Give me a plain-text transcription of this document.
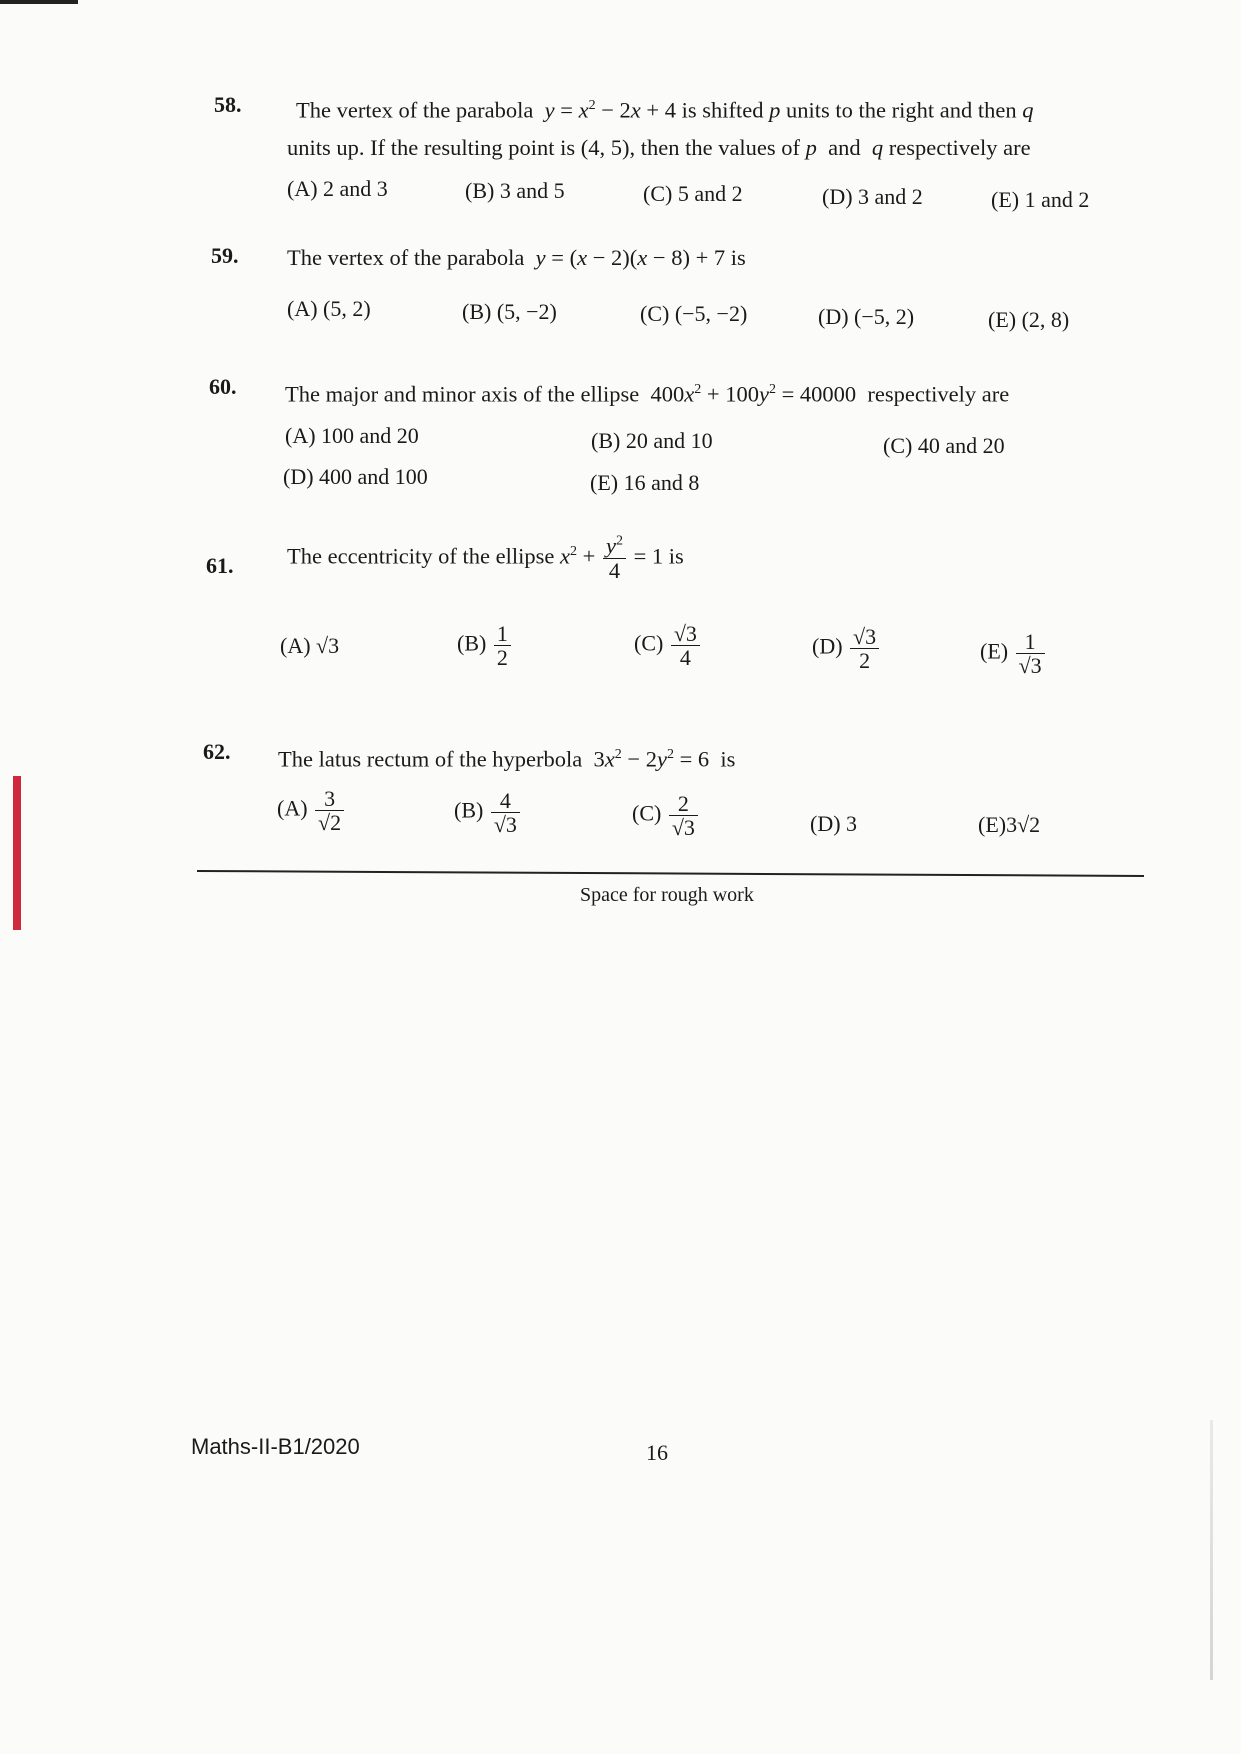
58. The vertex of the parabola  $y = x^2 - 2x + 4$ is shifted p units to the right and then q
units up. If the resulting point is (4, 5), then the values of p  and  q respectively are
(A) 2 and 3	(B) 3 and 5	(C) 5 and 2	(D) 3 and 2	(E) 1 and 2
59. The vertex of the parabola  y = (x − 2)(x − 8) + 7 is
(A) (5, 2)	(B) (5, −2)	(C) (−5, −2)	(D) (−5, 2)	(E) (2, 8)
60. The major and minor axis of the ellipse  $400x^2 + 100y^2 = 40000$  respectively are
(A) 100 and 20	(B) 20 and 10	(C) 40 and 20
(D) 400 and 100	(E) 16 and 8
61. The eccentricity of the ellipse $x^2 + \frac{y^2}{4} = 1$ is
(A) √3	$(B) \frac{1}{2}$	$(C) \frac{√3}{4}$	$(D) \frac{√3}{2}$	$(E) \frac{1}{√3}$
62. The latus rectum of the hyperbola  $3x^2 - 2y^2 = 6$  is
$(A) \frac{3}{√2}$	$(B) \frac{4}{√3}$	$(C) \frac{2}{√3}$	(D) 3	(E)3√2
Space for rough work
Maths-II-B1/2020	16
